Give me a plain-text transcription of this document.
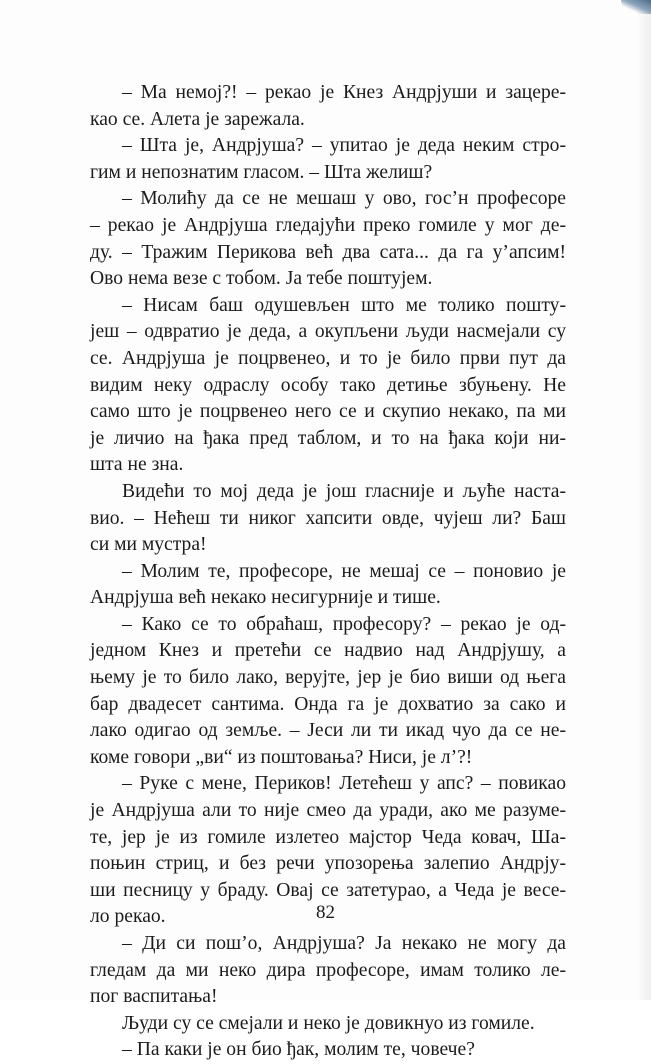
– Ма немој?! – рекао је Кнез Андрјуши и зацере-
као се. Алета је зарежала.
– Шта је, Андрјуша? – упитао је деда неким стро-
гим и непознатим гласом. – Шта желиш?
– Молићу да се не мешаш у ово, гос’н професоре
– рекао је Андрјуша гледајући преко гомиле у мог де-
ду. – Тражим Перикова већ два сата... да га у’апсим!
Ово нема везе с тобом. Ја тебе поштујем.
– Нисам баш одушевљен што ме толико пошту-
јеш – одвратио је деда, а окупљени људи насмејали су
се. Андрјуша је поцрвенео, и то је било први пут да
видим неку одраслу особу тако детиње збуњену. Не
само што је поцрвенео него се и скупио некако, па ми
је личио на ђака пред таблом, и то на ђака који ни-
шта не зна.
Видећи то мој деда је још гласније и љуће наста-
вио. – Нећеш ти никог хапсити овде, чујеш ли? Баш
си ми мустра!
– Молим те, професоре, не мешај се – поновио је
Андрјуша већ некако несигурније и тише.
– Како се то обраћаш, професору? – рекао је од-
једном Кнез и претећи се надвио над Андрјушу, а
њему је то било лако, верујте, јер је био виши од њега
бар двадесет сантима. Онда га је дохватио за сако и
лако одигао од земље. – Јеси ли ти икад чуо да се не-
коме говори „ви“ из поштовања? Ниси, је л’?!
– Руке с мене, Периков! Летећеш у апс? – повикао
је Андрјуша али то није смео да уради, ако ме разуме-
те, јер је из гомиле излетео мајстор Чеда ковач, Ша-
поњин стриц, и без речи упозорења залепио Андрју-
ши песницу у браду. Овај се затетурао, а Чеда је весе-
ло рекао.
– Ди си пош’о, Андрјуша? Ја некако не могу да
гледам да ми неко дира професоре, имам толико ле-
пог васпитања!
Људи су се смејали и неко је довикнуо из гомиле.
– Па каки је он био ђак, молим те, човече?
82
